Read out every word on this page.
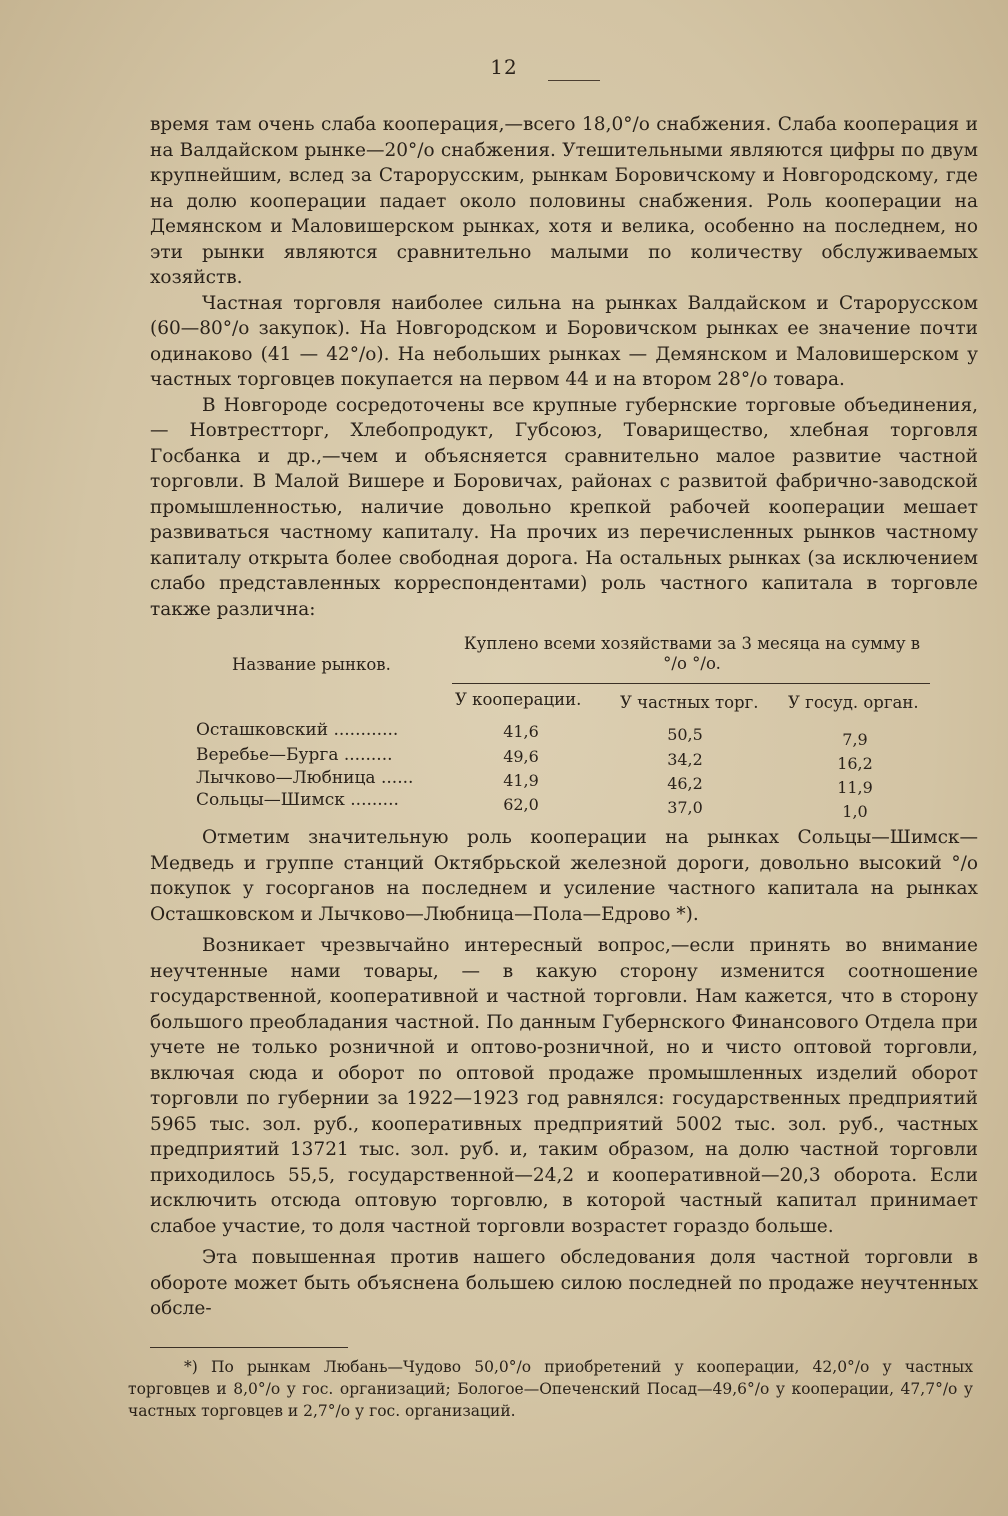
12

время там очень слаба кооперация,—всего 18,0°/o снабжения. Слаба кооперация и на Валдайском рынке—20°/o снабжения. Утешительными являются цифры по двум крупнейшим, вслед за Старорусским, рынкам Боровичскому и Новгородскому, где на долю кооперации падает около половины снабжения. Роль кооперации на Демянском и Маловишерском рынках, хотя и велика, особенно на последнем, но эти рынки являются сравнительно малыми по количеству обслуживаемых хозяйств.

Частная торговля наиболее сильна на рынках Валдайском и Старорусском (60—80°/o закупок). На Новгородском и Боровичском рынках ее значение почти одинаково (41 — 42°/o). На небольших рынках — Демянском и Маловишерском у частных торговцев покупается на первом 44 и на втором 28°/o товара.

В Новгороде сосредоточены все крупные губернские торговые объединения,— Новтрестторг, Хлебопродукт, Губсоюз, Товарищество, хлебная торговля Госбанка и др.,—чем и объясняется сравнительно малое развитие частной торговли. В Малой Вишере и Боровичах, районах с развитой фабрично-заводской промышленностью, наличие довольно крепкой рабочей кооперации мешает развиваться частному капиталу. На прочих из перечисленных рынков частному капиталу открыта более свободная дорога. На остальных рынках (за исключением слабо представленных корреспондентами) роль частного капитала в торговле также различна:

Название рынков.
Куплено всеми хозяйствами за 3 месяца на сумму в °/o °/o.
У кооперации. У частных торг. У госуд. орган.
Осташковский ............	41,6	50,5	7,9
Веребье—Бурга .........	49,6	34,2	16,2
Лычково—Любница ......	41,9	46,2	11,9
Сольцы—Шимск .........	62,0	37,0	1,0

Отметим значительную роль кооперации на рынках Сольцы—Шимск—Медведь и группе станций Октябрьской железной дороги, довольно высокий °/o покупок у госорганов на последнем и усиление частного капитала на рынках Осташковском и Лычково—Любница—Пола—Едрово *).

Возникает чрезвычайно интересный вопрос,—если принять во внимание неучтенные нами товары, — в какую сторону изменится соотношение государственной, кооперативной и частной торговли. Нам кажется, что в сторону большого преобладания частной. По данным Губернского Финансового Отдела при учете не только розничной и оптово-розничной, но и чисто оптовой торговли, включая сюда и оборот по оптовой продаже промышленных изделий оборот торговли по губернии за 1922—1923 год равнялся: государственных предприятий 5965 тыс. зол. руб., кооперативных предприятий 5002 тыс. зол. руб., частных предприятий 13721 тыс. зол. руб. и, таким образом, на долю частной торговли приходилось 55,5, государственной—24,2 и кооперативной—20,3 оборота. Если исключить отсюда оптовую торговлю, в которой частный капитал принимает слабое участие, то доля частной торговли возрастет гораздо больше.

Эта повышенная против нашего обследования доля частной торговли в обороте может быть объяснена большею силою последней по продаже неучтенных обсле-

*) По рынкам Любань—Чудово 50,0°/o приобретений у кооперации, 42,0°/o у частных торговцев и 8,0°/o у гос. организаций; Бологое—Опеченский Посад—49,6°/o у кооперации, 47,7°/o у частных торговцев и 2,7°/o у гос. организаций.
